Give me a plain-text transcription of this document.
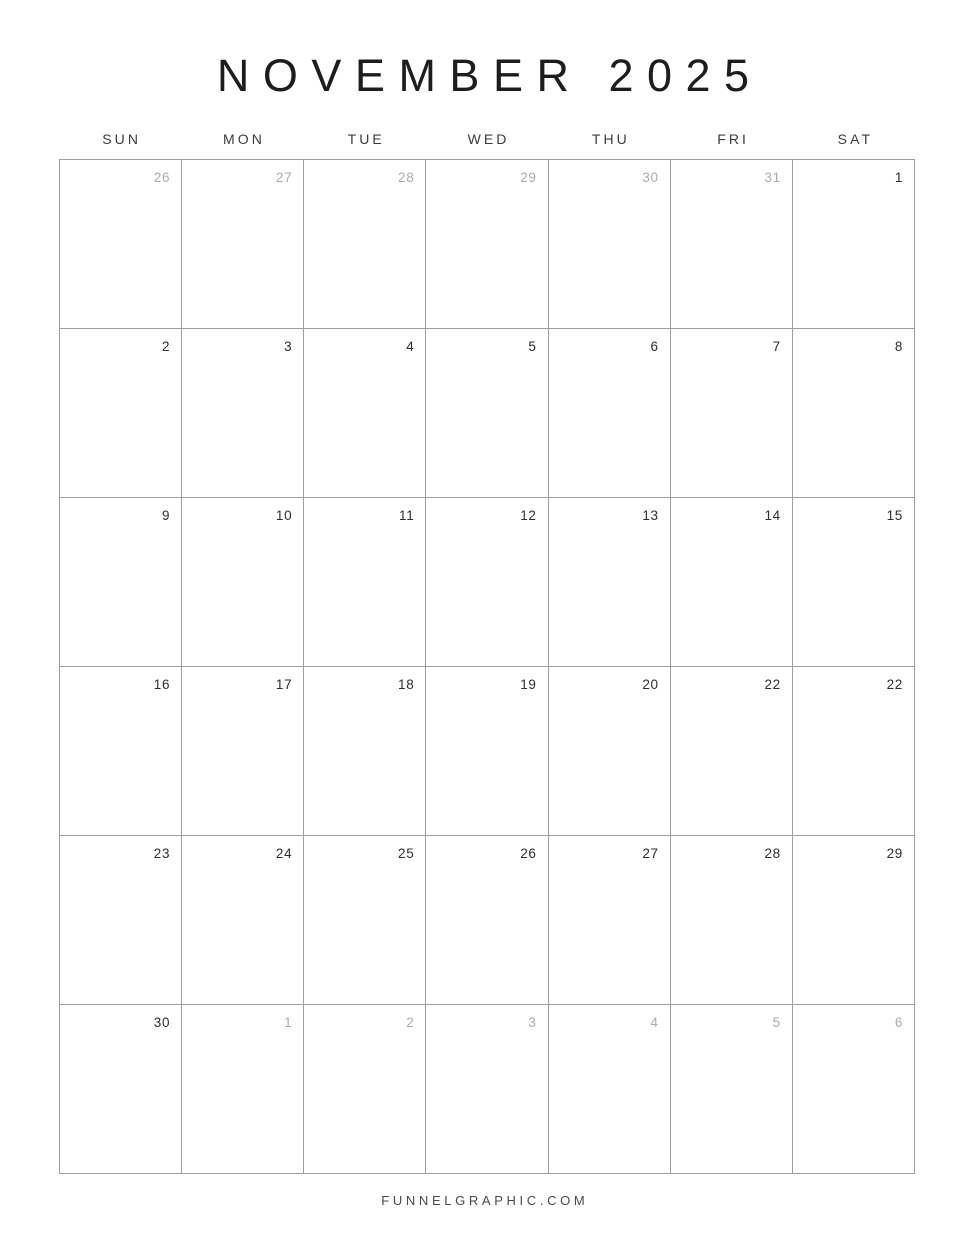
NOVEMBER 2025
SUN	MON	TUE	WED	THU	FRI	SAT
26	27	28	29	30	31	1
2	3	4	5	6	7	8
9	10	11	12	13	14	15
16	17	18	19	20	22	22
23	24	25	26	27	28	29
30	1	2	3	4	5	6
FUNNELGRAPHIC.COM
